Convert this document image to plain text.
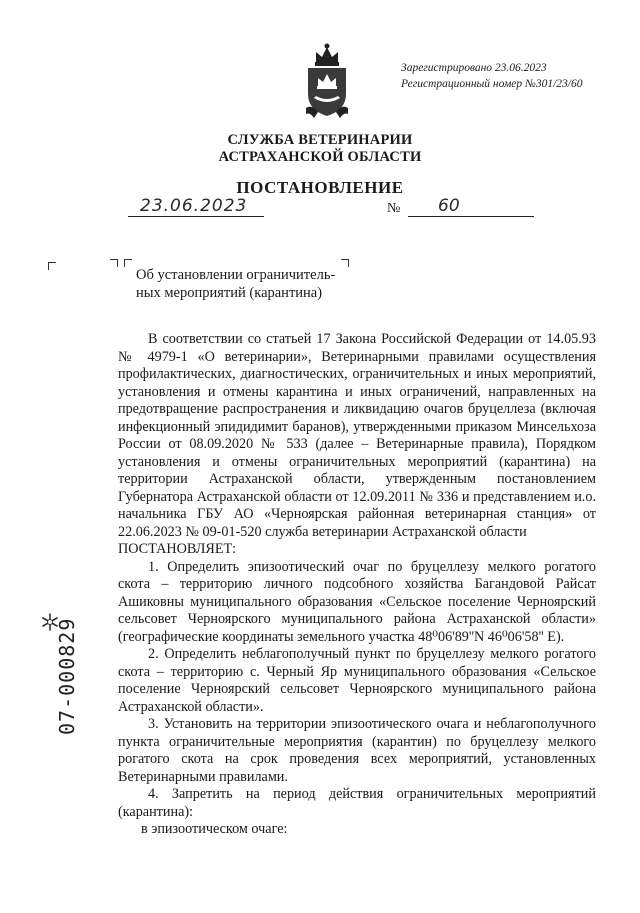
Зарегистрировано 23.06.2023
Регистрационный номер №301/23/60
СЛУЖБА ВЕТЕРИНАРИИ
АСТРАХАНСКОЙ ОБЛАСТИ
ПОСТАНОВЛЕНИЕ
23.06.2023	№ 60
Об установлении ограничитель-
ных мероприятий (карантина)

В соответствии со статьей 17 Закона Российской Федерации от 14.05.93 № 4979-1 «О ветеринарии», Ветеринарными правилами осуществления профилактических, диагностических, ограничительных и иных мероприятий, установления и отмены карантина и иных ограничений, направленных на предотвращение распространения и ликвидацию очагов бруцеллеза (включая инфекционный эпидидимит баранов), утвержденными приказом Минсельхоза России от 08.09.2020 № 533 (далее – Ветеринарные правила), Порядком установления и отмены ограничительных мероприятий (карантина) на территории Астраханской области, утвержденным постановлением Губернатора Астраханской области от 12.09.2011 № 336 и представлением и.о. начальника ГБУ АО «Черноярская районная ветеринарная станция» от 22.06.2023 № 09-01-520 служба ветеринарии Астраханской области

ПОСТАНОВЛЯЕТ:

1. Определить эпизоотический очаг по бруцеллезу мелкого рогатого скота – территорию личного подсобного хозяйства Багандовой Райсат Ашиковны муниципального образования «Сельское поселение Черноярский сельсовет Черноярского муниципального района Астраханской области» (географические координаты земельного участка 48⁰06'89''N 46⁰06'58'' E).

2. Определить неблагополучный пункт по бруцеллезу мелкого рогатого скота – территорию с. Черный Яр муниципального образования «Сельское поселение Черноярский сельсовет Черноярского муниципального района Астраханской области».

3. Установить на территории эпизоотического очага и неблагополучного пункта ограничительные мероприятия (карантин) по бруцеллезу мелкого рогатого скота на срок проведения всех мероприятий, установленных Ветеринарными правилами.

4. Запретить на период действия ограничительных мероприятий (карантина):

в эпизоотическом очаге:

07-000829
